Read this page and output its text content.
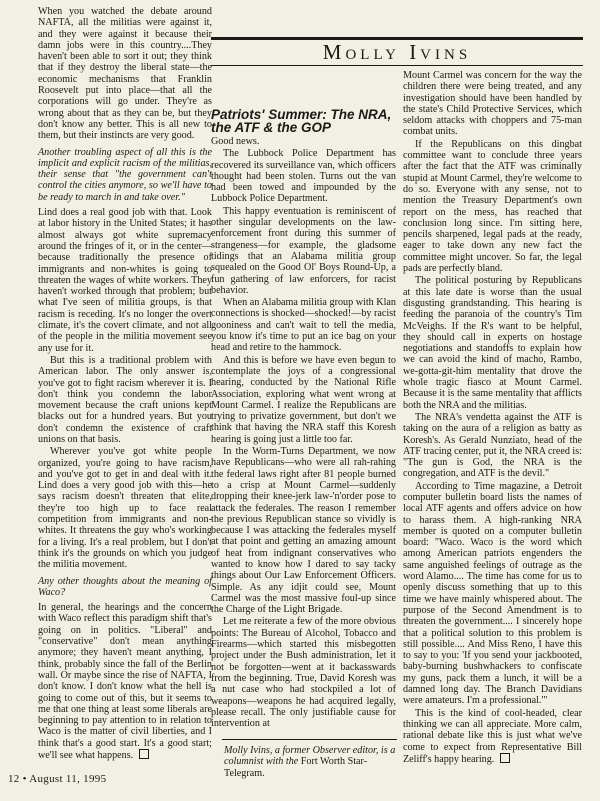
When you watched the debate around NAFTA, all the militias were against it, and they were against it because their damn jobs were in this country....They haven't been able to sort it out; they think that if they destroy the liberal state—the economic mechanisms that Franklin Roosevelt put into place—that all the corporations will go under. They're as wrong about that as they can be, but they don't know any better. This is all new to them, but their instincts are very good.

Another troubling aspect of all this is the implicit and explicit racism of the militias, their sense that "the government can't control the cities anymore, so we'll have to be ready to march in and take over."

Lind does a real good job with that. Look at labor history in the United States; it has almost always got white supremacy around the fringes of it, or in the center—because traditionally the presence of immigrants and non-whites is going to threaten the wages of white workers. They haven't worked through that problem; but what I've seen of militia groups, is that racism is receding. It's no longer the overt climate, it's the covert climate, and not all of the people in the militia movement see any use for it.

But this is a traditional problem with American labor. The only answer is, you've got to fight racism wherever it is. I don't think you condemn the labor movement because the craft unions kept blacks out for a hundred years. But you don't condemn the existence of craft unions on that basis.

Wherever you've got white people organized, you're going to have racism, and you've got to get in and deal with it. Lind does a very good job with this—he says racism doesn't threaten that elite, they're too high up to face real competition from immigrants and non-whites. It threatens the guy who's working for a living. It's a real problem, but I don't think it's the grounds on which you judge the militia movement.

Any other thoughts about the meaning of Waco?

In general, the hearings and the concern with Waco reflect this paradigm shift that's going on in politics. "Liberal" and "conservative" don't mean anything anymore; they haven't meant anything, I think, probably since the fall of the Berlin wall. Or maybe since the rise of NAFTA, I don't know. I don't know what the hell is going to come out of this, but it seems to me that one thing at least some liberals are beginning to pay attention to in relation to Waco is the matter of civil liberties, and I think that's a good start. It's a good start; we'll see what happens.

Molly Ivins
Patriots' Summer: The NRA, the ATF & the GOP

Good news.

The Lubbock Police Department has recovered its surveillance van, which officers thought had been stolen. Turns out the van had been towed and impounded by the Lubbock Police Department.

This happy eventuation is reminiscent of other singular developments on the law-enforcement front during this summer of strangeness—for example, the gladsome tidings that an Alabama militia group squealed on the Good Ol' Boys Round-Up, a fun gathering of law enforcers, for racist behavior.

When an Alabama militia group with Klan connections is shocked—shocked!—by racist gooniness and can't wait to tell the media, you know it's time to put an ice bag on your head and retire to the hammock.

And this is before we have even begun to contemplate the joys of a congressional hearing, conducted by the National Rifle Association, exploring what went wrong at Mount Carmel. I realize the Republicans are trying to privatize government, but don't we think that having the NRA staff this Koresh hearing is going just a little too far.

In the Worm-Turns Department, we now have Republicans—who were all rah-rahing the federal laws right after 81 people burned to a crisp at Mount Carmel—suddenly dropping their knee-jerk law-'n'order pose to attack the federales. The reason I remember the previous Republican stance so vividly is because I was attacking the federales myself at that point and getting an amazing amount of heat from indignant conservatives who wanted to know how I dared to say tacky things about Our Law Enforcement Officers. Simple. As any idjit could see, Mount Carmel was the most massive foul-up since the Charge of the Light Brigade.

Let me reiterate a few of the more obvious points: The Bureau of Alcohol, Tobacco and Firearms—which started this misbegotten project under the Bush administration, let it not be forgotten—went at it backasswards from the beginning. True, David Koresh was a nut case who had stockpiled a lot of weapons—weapons he had acquired legally, please recall. The only justifiable cause for intervention at

Molly Ivins, a former Observer editor, is a columnist with the Fort Worth Star-Telegram.

Mount Carmel was concern for the way the children there were being treated, and any investigation should have been handled by the state's Child Protective Services, which seldom attacks with choppers and 75-man combat units.

If the Republicans on this dingbat committee want to conclude three years after the fact that the ATF was criminally stupid at Mount Carmel, they're welcome to do so. Everyone with any sense, not to mention the Treasury Department's own report on the mess, has reached that conclusion long since. I'm sitting here, pencils sharpened, legal pads at the ready, eager to take down any new fact the committee might uncover. So far, the legal pads are perfectly bland.

The political posturing by Republicans at this late date is worse than the usual disgusting grandstanding. This hearing is feeding the paranoia of the country's Tim McVeighs. If the R's want to be helpful, they should call in experts on hostage negotiations and standoffs to explain how we can avoid the kind of macho, Rambo, we-gotta-git-him mentality that drove the whole tragic fiasco at Mount Carmel. Because it is the same mentality that afflicts both the NRA and the militias.

The NRA's vendetta against the ATF is taking on the aura of a religion as batty as Koresh's. As Gerald Nunziato, head of the ATF tracing center, put it, the NRA creed is: "The gun is God, the NRA is the congregation, and ATF is the devil."

According to Time magazine, a Detroit computer bulletin board lists the names of local ATF agents and offers advice on how to harass them. A high-ranking NRA member is quoted on a computer bulletin board: "Waco. Waco is the word which among American patriots engenders the same anguished feelings of outrage as the word Alamo.... The time has come for us to openly discuss something that up to this time we have mainly whispered about. The purpose of the Second Amendment is to threaten the government.... I sincerely hope that a political solution to this problem is still possible.... And Miss Reno, I have this to say to you: 'If you send your jackbooted, baby-burning bushwhackers to confiscate my guns, pack them a lunch, it will be a damned long day. The Branch Davidians were amateurs. I'm a professional.'"

This is the kind of cool-headed, clear thinking we can all appreciate. More calm, rational debate like this is just what we've come to expect from Representative Bill Zeliff's happy hearing.

12 • August 11, 1995
